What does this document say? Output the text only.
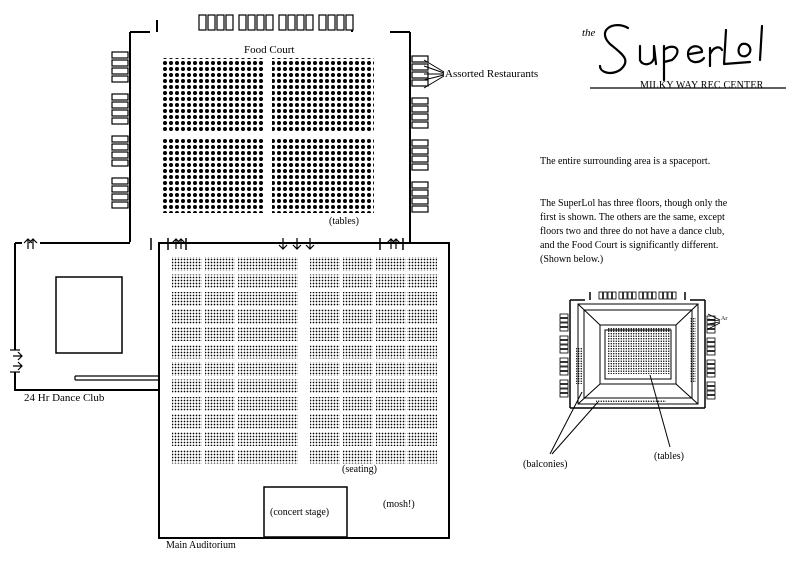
the
MILKY WAY REC CENTER
Food Court
Assorted Restaurants
(tables)
24 Hr Dance Club
(seating)
(concert stage)
(mosh!)
Main Auditorium
(balconies)
(tables)
Ar
The entire surrounding area is a spaceport.
The SuperLol has three floors, though only the first is shown. The others are the same, except floors two and three do not have a dance club, and the Food Court is significantly different. (Shown below.)
